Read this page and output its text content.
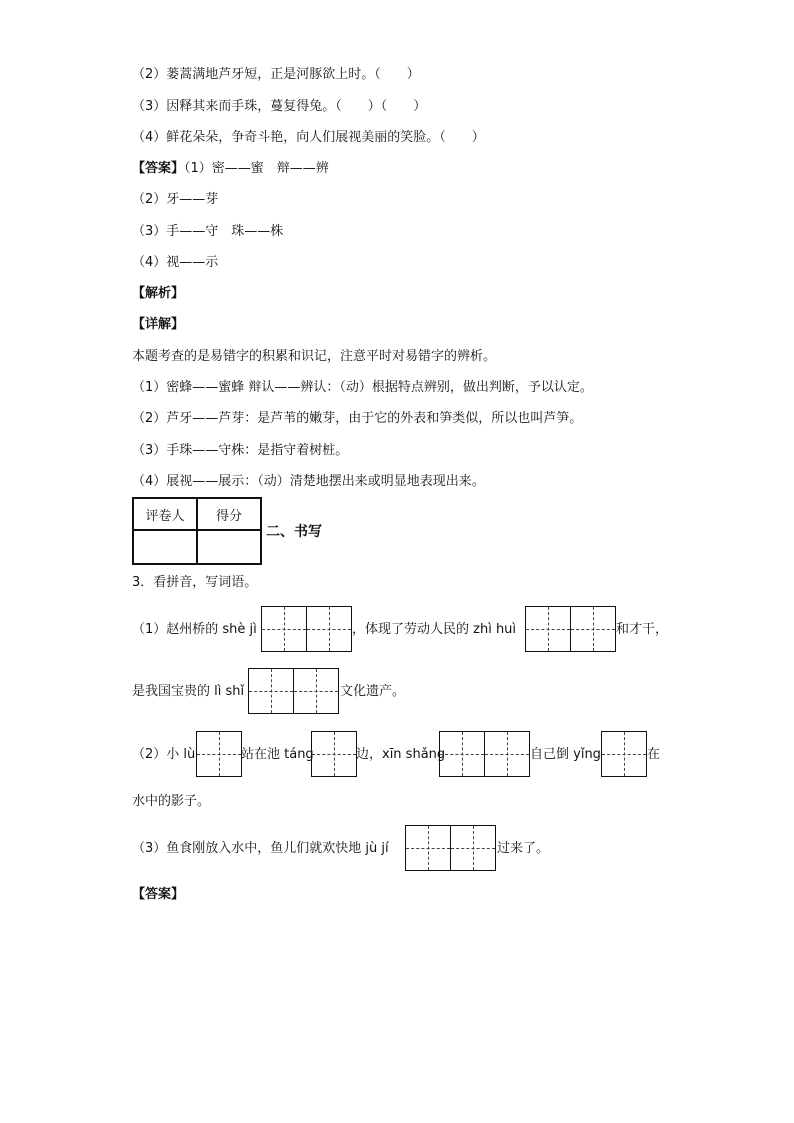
（2）蒌蒿满地芦牙短，正是河豚欲上时。（　　）
（3）因释其来而手珠，蔓复得兔。（　　）（　　）
（4）鲜花朵朵，争奇斗艳，向人们展视美丽的笑脸。（　　）
【答案】（1）密——蜜　辩——辨
（2）牙——芽
（3）手——守　珠——株
（4）视——示
【解析】
【详解】
本题考查的是易错字的积累和识记，注意平时对易错字的辨析。
（1）密蜂——蜜蜂 辩认——辨认：（动）根据特点辨别，做出判断，予以认定。
（2）芦牙——芦芽：是芦苇的嫩芽，由于它的外表和笋类似，所以也叫芦笋。
（3）手珠——守株：是指守着树桩。
（4）展视——展示：（动）清楚地摆出来或明显地表现出来。
评卷人	得分

二、书写
3．看拼音，写词语。
（1）赵州桥的 shè jì	，体现了劳动人民的 zhì huì	和才干，
是我国宝贵的 lì shǐ	文化遗产。
（2）小 lù	站在池 táng	边，xīn shǎng	自己倒 yǐng	在
水中的影子。
（3）鱼食刚放入水中，鱼儿们就欢快地 jù jí	过来了。
【答案】
